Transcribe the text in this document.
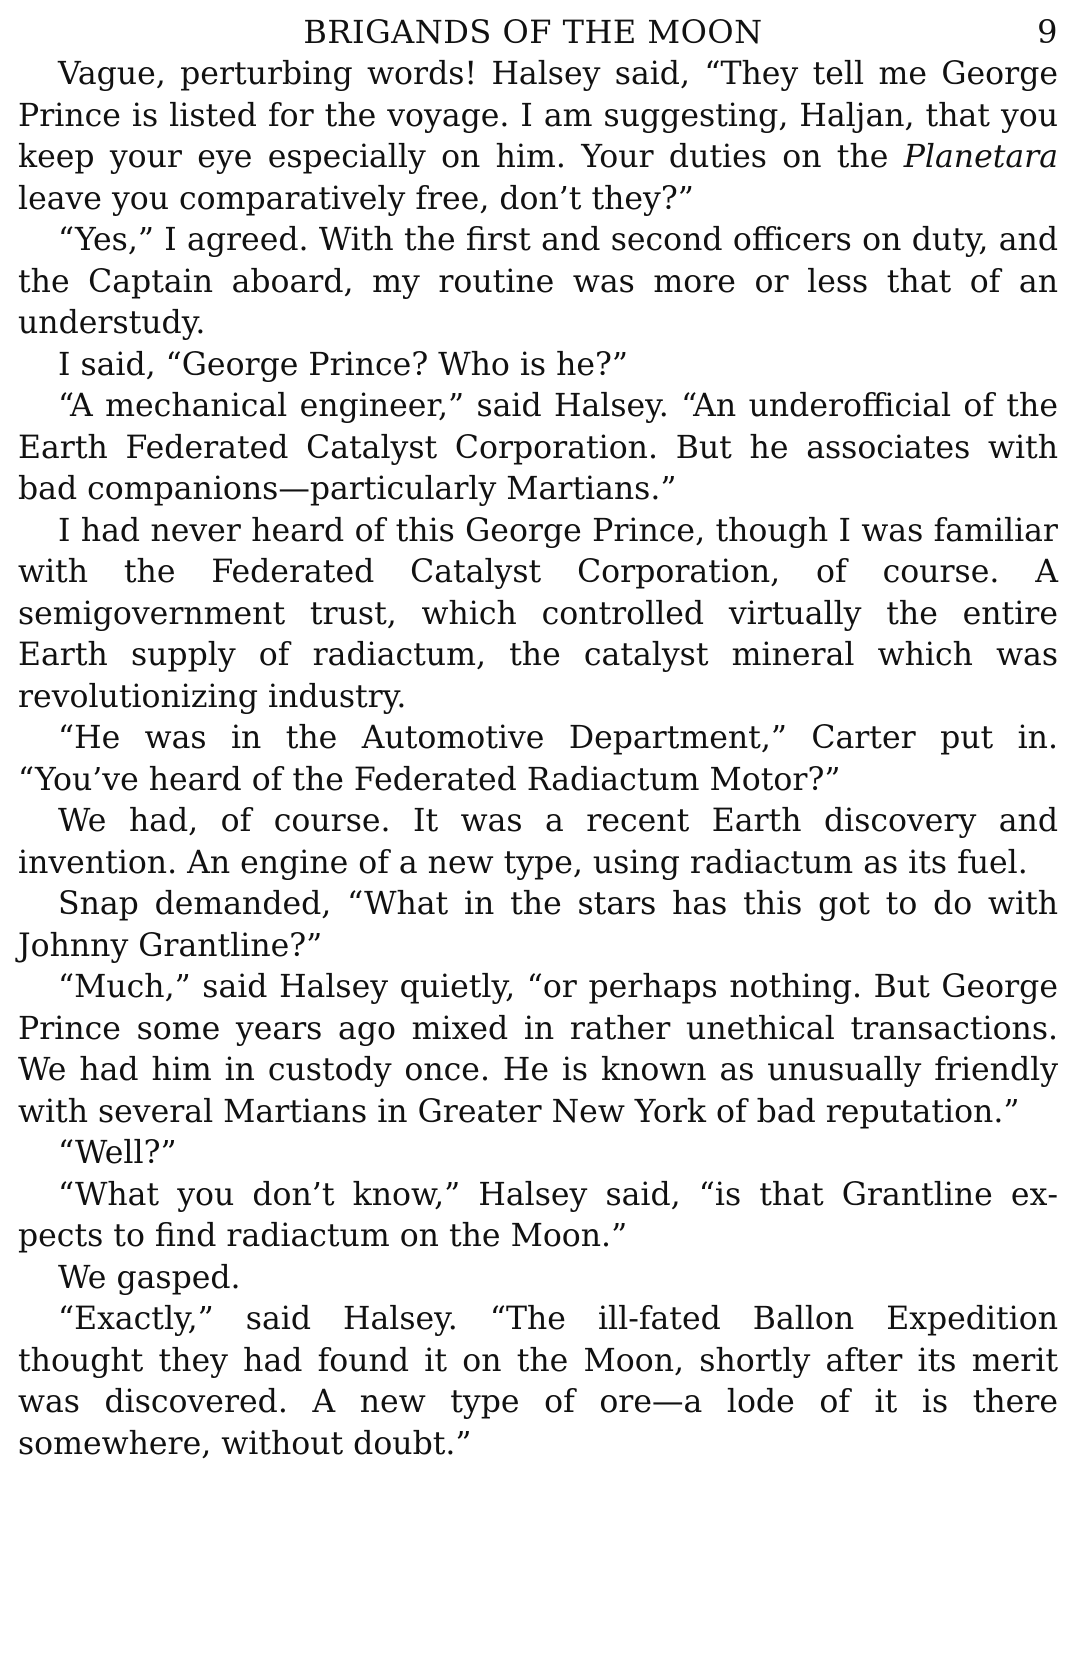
BRIGANDS OF THE MOON	9

Vague, perturbing words! Halsey said, “They tell me George Prince is listed for the voyage. I am suggesting, Haljan, that you keep your eye especially on him. Your duties on the Planetara leave you comparatively free, don’t they?”

“Yes,” I agreed. With the first and second officers on duty, and the Captain aboard, my routine was more or less that of an understudy.

I said, “George Prince? Who is he?”

“A mechanical engineer,” said Halsey. “An underofficial of the Earth Federated Catalyst Corporation. But he associates with bad companions—particularly Martians.”

I had never heard of this George Prince, though I was familiar with the Federated Catalyst Corporation, of course. A semigovernment trust, which controlled virtually the entire Earth supply of radiactum, the catalyst mineral which was revolutionizing industry.

“He was in the Automotive Department,” Carter put in. “You’ve heard of the Federated Radiactum Motor?”

We had, of course. It was a recent Earth discovery and invention. An engine of a new type, using radiactum as its fuel.

Snap demanded, “What in the stars has this got to do with Johnny Grantline?”

“Much,” said Halsey quietly, “or perhaps nothing. But George Prince some years ago mixed in rather unethical transactions. We had him in custody once. He is known as unusually friendly with several Martians in Greater New York of bad reputation.”

“Well?”

“What you don’t know,” Halsey said, “is that Grantline expects to find radiactum on the Moon.”

We gasped.

“Exactly,” said Halsey. “The ill-fated Ballon Expedition thought they had found it on the Moon, shortly after its merit was discovered. A new type of ore—a lode of it is there somewhere, without doubt.”
